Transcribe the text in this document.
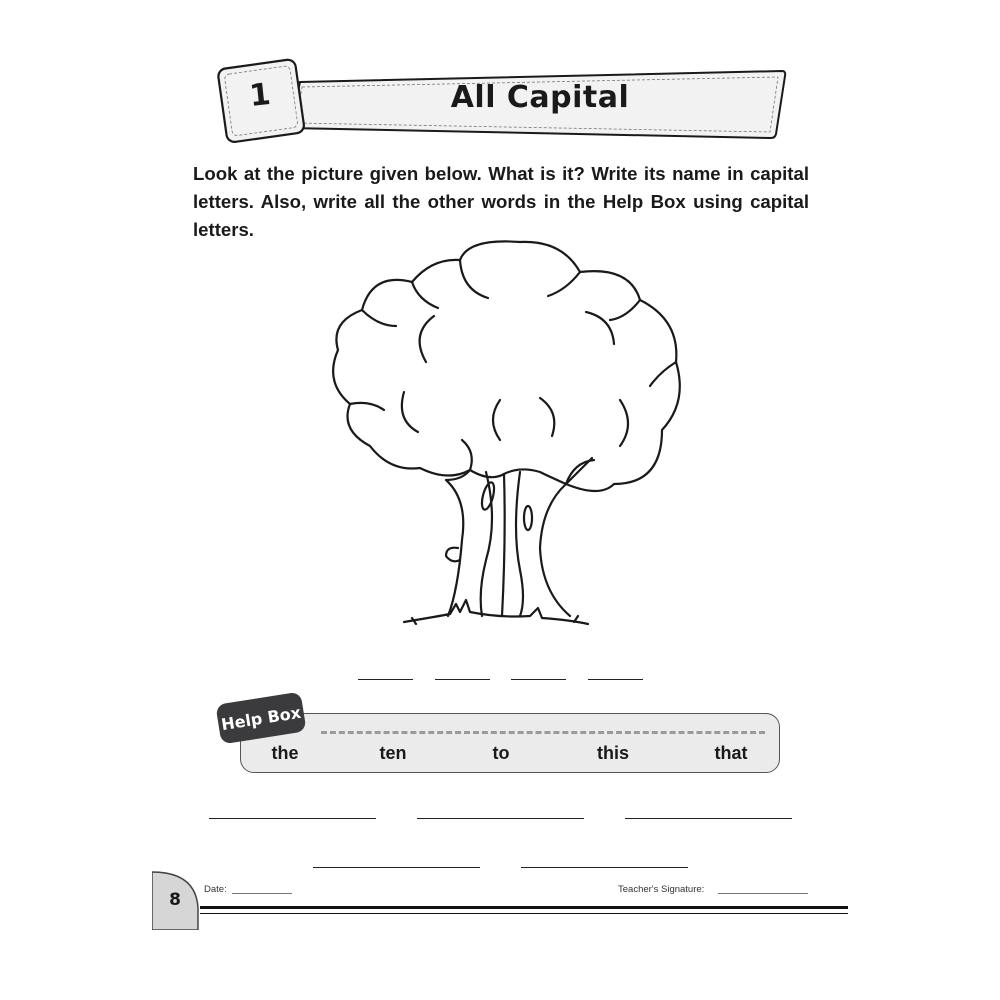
1	All Capital

Look at the picture given below. What is it? Write its name in capital letters. Also, write all the other words in the Help Box using capital letters.

Help Box
the	ten	to	this	that
8
Date:	Teacher's Signature:
